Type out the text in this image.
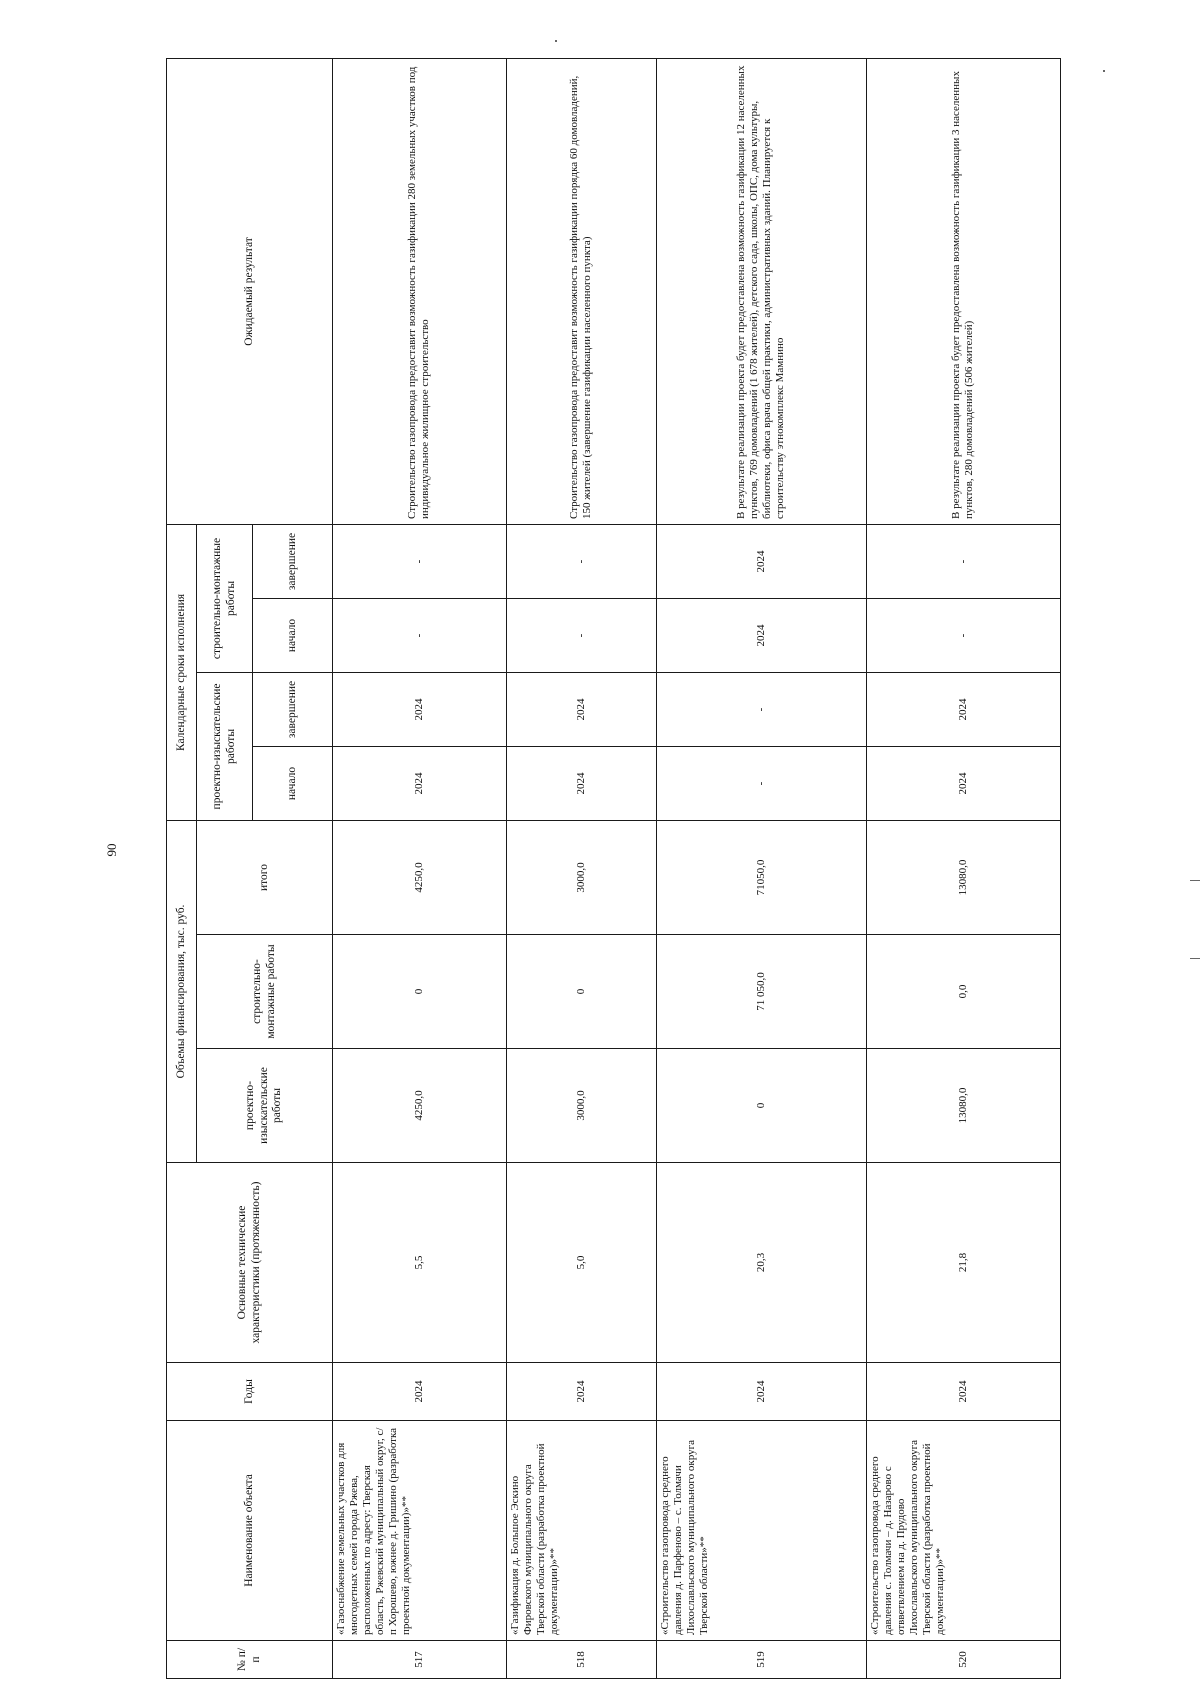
90
№ п/п	Наименование объекта	Годы	Основные технические характеристики (протяженность)	Объемы финансирования, тыс. руб.			Календарные сроки исполнения				Ожидаемый результат
				проектно-изыскательские работы	строительно-монтажные работы	итого	проектно-изыскательские работы		строительно-монтажные работы		
							начало	завершение	начало	завершение	
517	«Газоснабжение земельных участков для многодетных семей города Ржева, расположенных по адресу: Тверская область, Ржевский муниципальный округ, с/п Хорошево, южнее д. Гришино (разработка проектной документации)»**	2024	5,5	4250,0	0	4250,0	2024	2024	-	-	Строительство газопровода предоставит возможность газификации 280 земельных участков под индивидуальное жилищное строительство
518	«Газификация д. Большое Эскино Фировского муниципального округа Тверской области (разработка проектной документации)»**	2024	5,0	3000,0	0	3000,0	2024	2024	-	-	Строительство газопровода предоставит возможность газификации порядка 60 домовладений, 150 жителей (завершение газификации населенного пункта)
519	«Строительство газопровода среднего давления д. Парфеново – с. Толмачи Лихославльского муниципального округа Тверской области»**	2024	20,3	0	71 050,0	71050,0	-	-	2024	2024	В результате реализации проекта будет предоставлена возможность газификации 12 населенных пунктов, 769 домовладений (1 678 жителей), детского сада, школы, ОПС, дома культуры, библиотеки, офиса врача общей практики, административных зданий. Планируется к строительству этнокомплекс Мамнино
520	«Строительство газопровода среднего давления с. Толмачи – д. Назарово с отвветвлением на д. Прудово Лихославльского муниципального округа Тверской области (разработка проектной документации)»**	2024	21,8	13080,0	0,0	13080,0	2024	2024	-	-	В результате реализации проекта будет предоставлена возможность газификации 3 населенных пунктов, 280 домовладений (506 жителей)
